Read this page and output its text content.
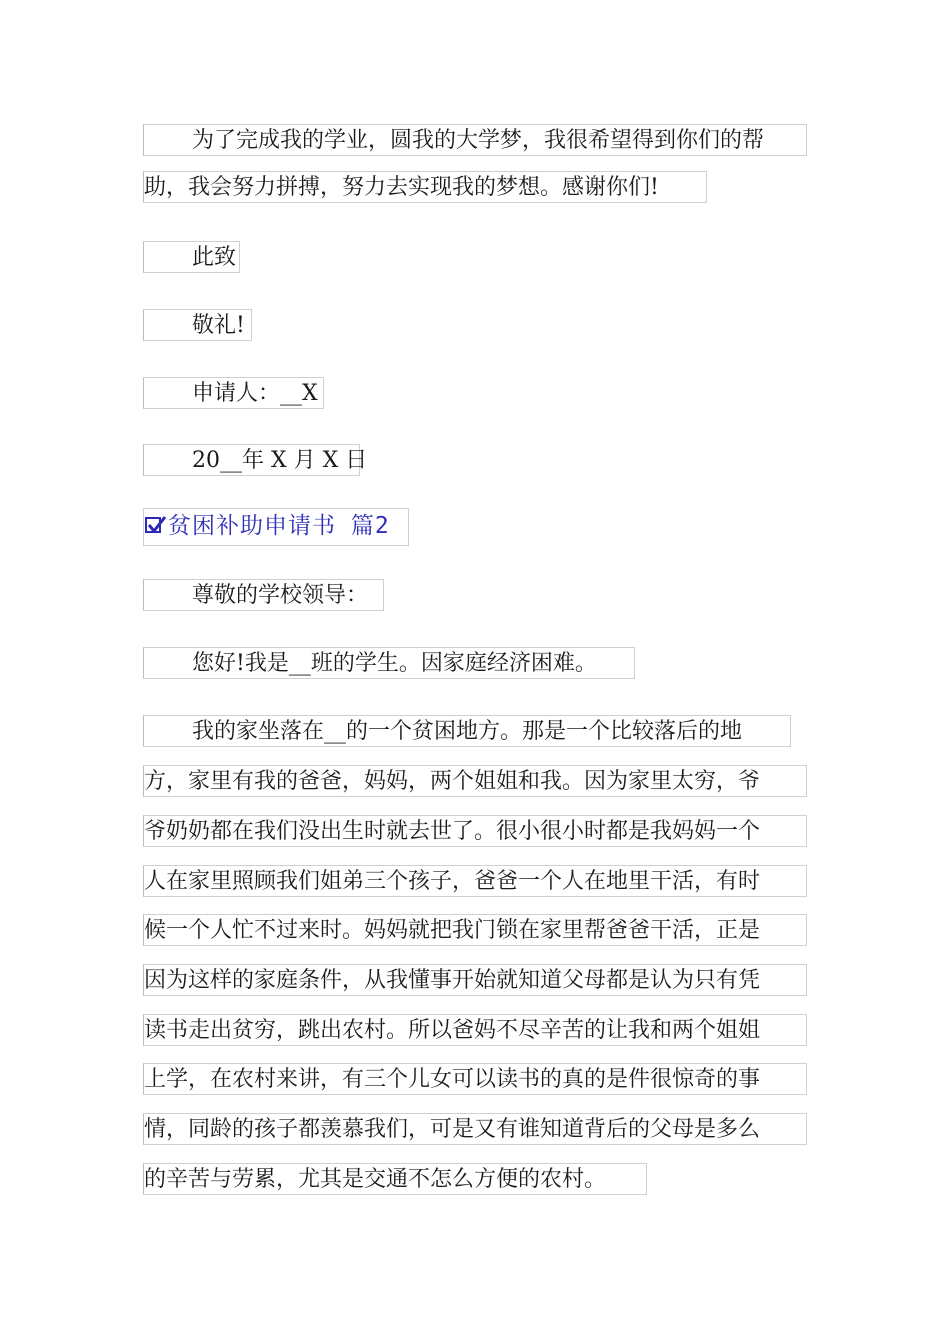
为了完成我的学业，圆我的大学梦，我很希望得到你们的帮
助，我会努力拼搏，努力去实现我的梦想。感谢你们!
此致
敬礼!
申请人：__X
20__年 X 月 X 日
贫困补助申请书 篇2
尊敬的学校领导：
您好!我是__班的学生。因家庭经济困难。
我的家坐落在__的一个贫困地方。那是一个比较落后的地
方，家里有我的爸爸，妈妈，两个姐姐和我。因为家里太穷，爷
爷奶奶都在我们没出生时就去世了。很小很小时都是我妈妈一个
人在家里照顾我们姐弟三个孩子，爸爸一个人在地里干活，有时
候一个人忙不过来时。妈妈就把我门锁在家里帮爸爸干活，正是
因为这样的家庭条件，从我懂事开始就知道父母都是认为只有凭
读书走出贫穷，跳出农村。所以爸妈不尽辛苦的让我和两个姐姐
上学，在农村来讲，有三个儿女可以读书的真的是件很惊奇的事
情，同龄的孩子都羡慕我们，可是又有谁知道背后的父母是多么
的辛苦与劳累，尤其是交通不怎么方便的农村。
